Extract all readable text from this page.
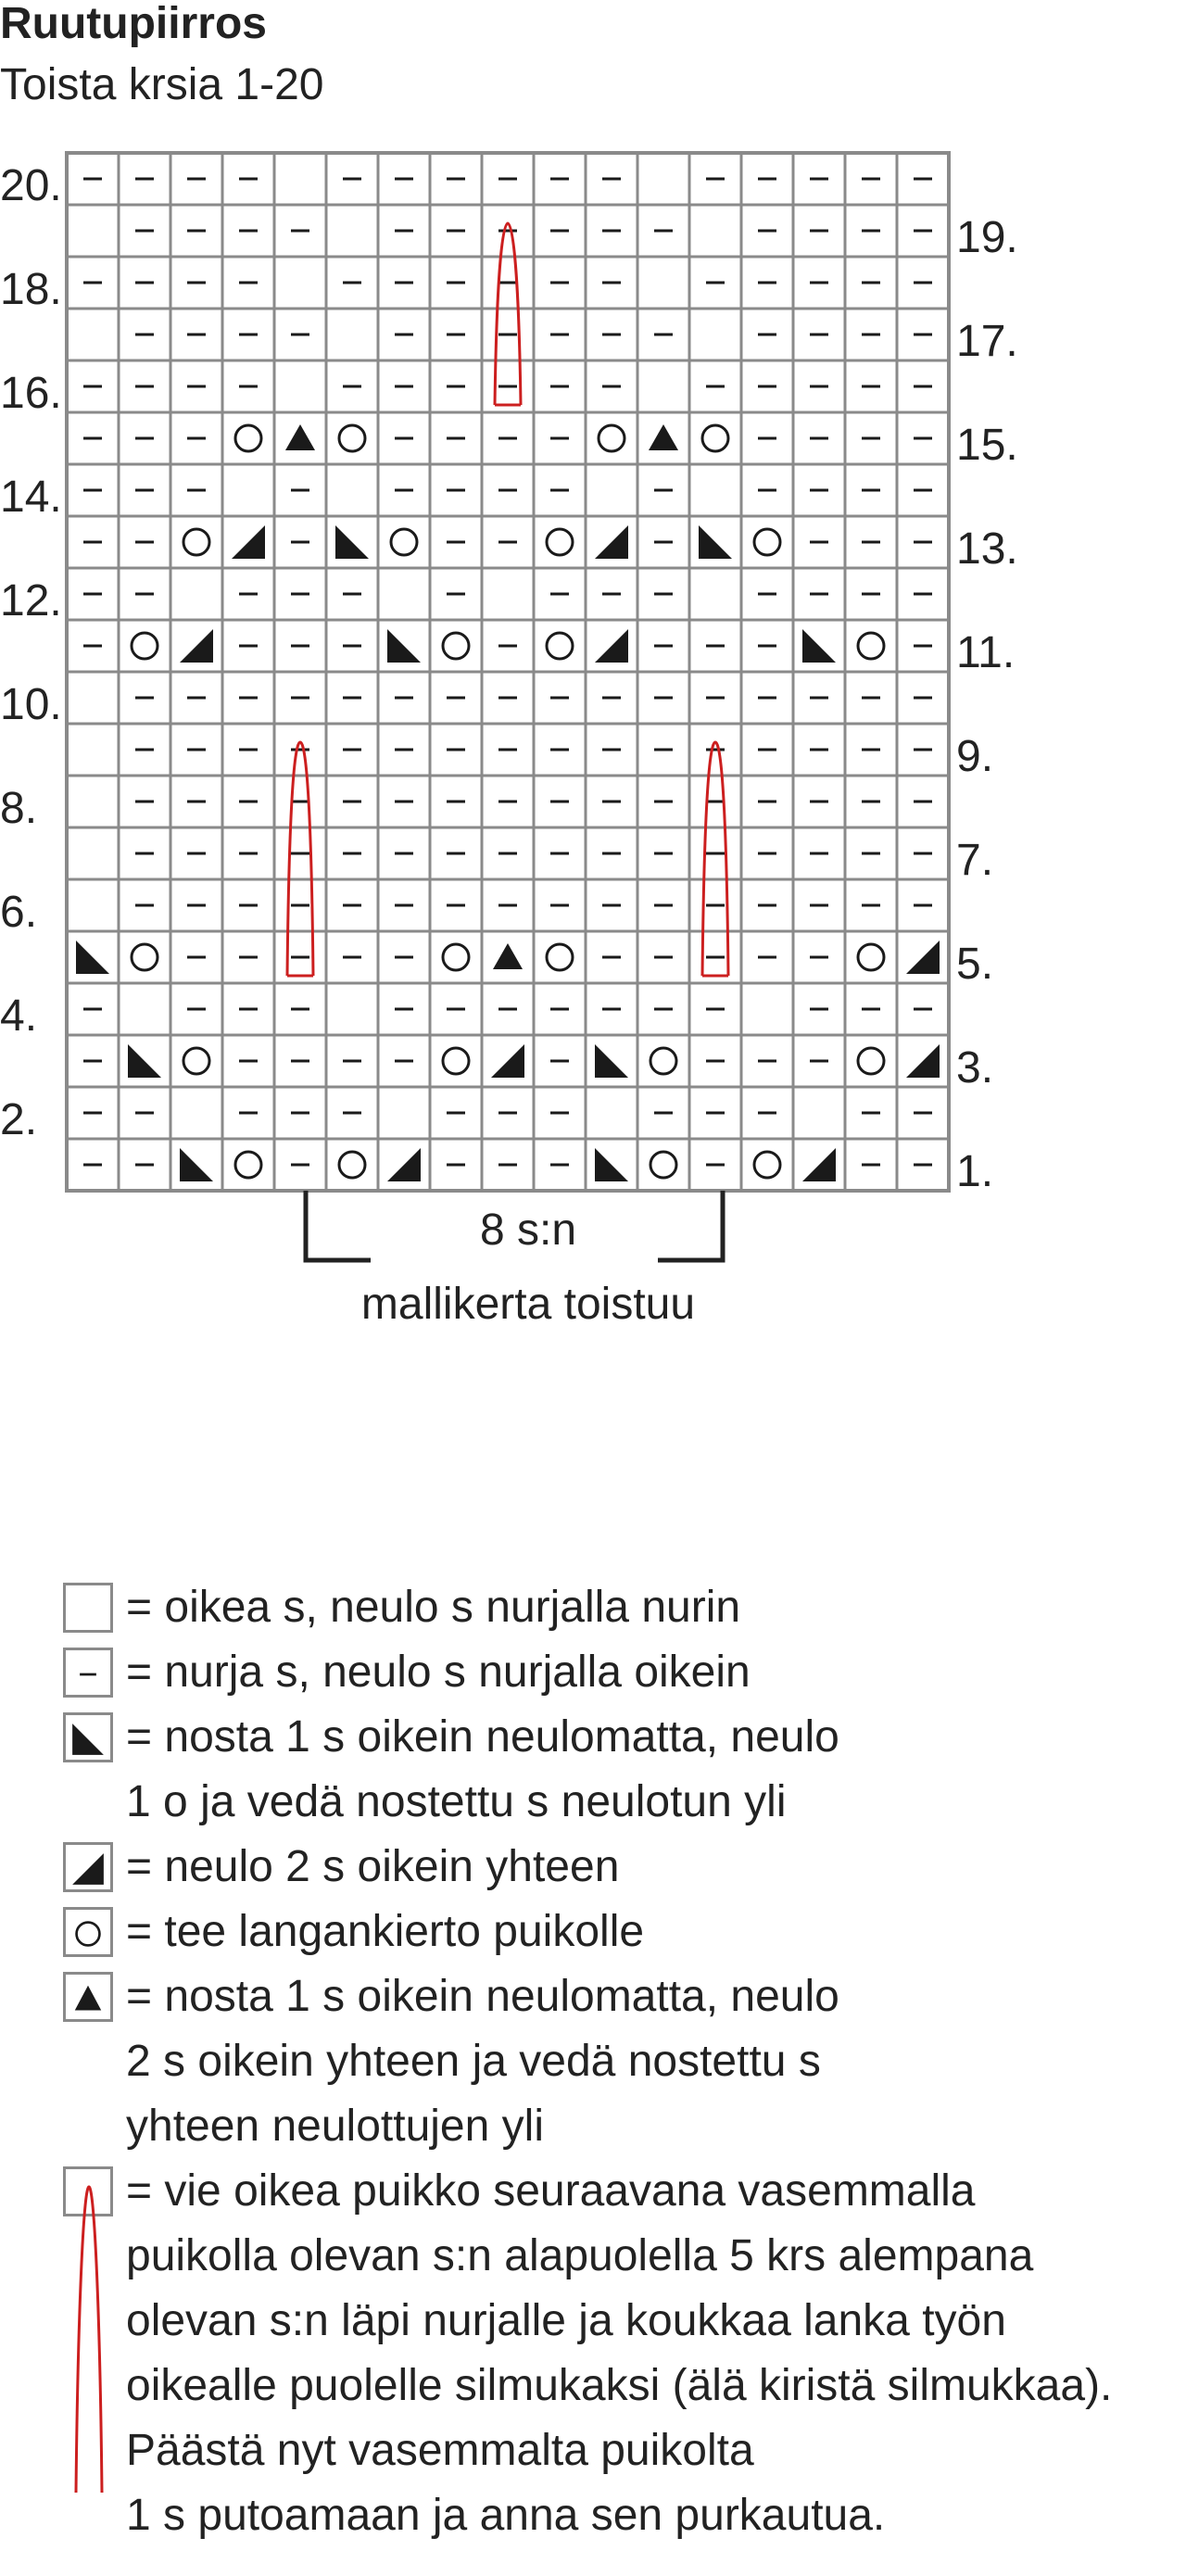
Ruutupiirros
Toista krsia 1-20
20.
18.
16.
14.
12.
10.
8.
6.
4.
2.
19.
17.
15.
13.
11.
9.
7.
5.
3.
1.
8 s:n
mallikerta toistuu
= oikea s, neulo s nurjalla nurin
= nurja s, neulo s nurjalla oikein
= nosta 1 s oikein neulomatta, neulo
1 o ja vedä nostettu s neulotun yli
= neulo 2 s oikein yhteen
= tee langankierto puikolle
= nosta 1 s oikein neulomatta, neulo
2 s oikein yhteen ja vedä nostettu s
yhteen neulottujen yli
= vie oikea puikko seuraavana vasemmalla
puikolla olevan s:n alapuolella 5 krs alempana
olevan s:n läpi nurjalle ja koukkaa lanka työn
oikealle puolelle silmukaksi (älä kiristä silmukkaa).
Päästä nyt vasemmalta puikolta
1 s putoamaan ja anna sen purkautua.
